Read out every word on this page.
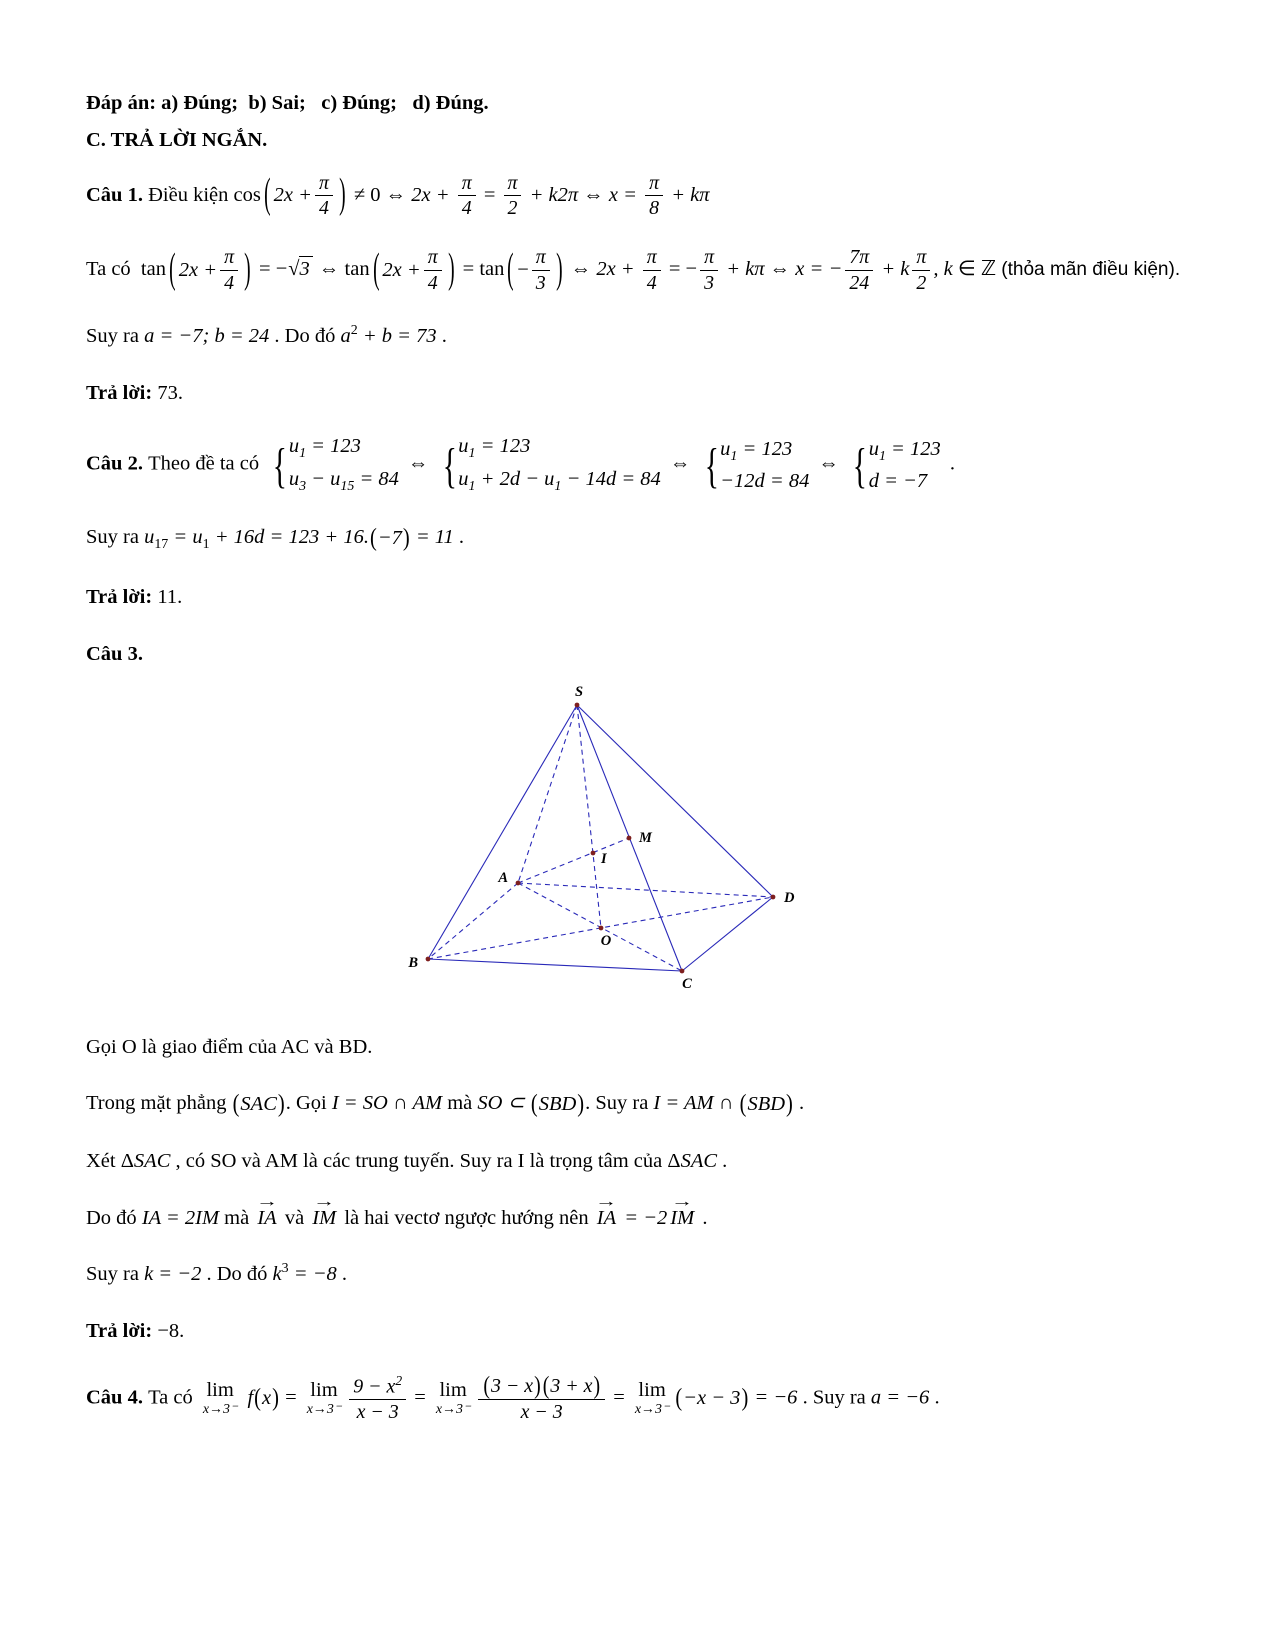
Đáp án: a) Đúng;  b) Sai;   c) Đúng;   d) Đúng.

C. TRẢ LỜI NGẮN.

Câu 1. Điều kiện cos ( $2x + \frac{\pi}{4}$ ) ≠ 0 ⇔ $2x + \frac{\pi}{4} = \frac{\pi}{2} + k2\pi$ ⇔ $x = \frac{\pi}{8} + k\pi$

Ta có  tan ( $2x + \frac{\pi}{4}$ ) = − √ 3 ⇔ tan ( $2x + \frac{\pi}{4}$ ) = tan ( − $\frac{\pi}{3}$ ) ⇔ $2x + \frac{\pi}{4}$ = − $\frac{\pi}{3} + k\pi$ ⇔ x = − $\frac{7\pi}{24} + k \frac{\pi}{2}$ , k ∈ ℤ (thỏa mãn điều kiện).

Suy ra a = −7; b = 24 . Do đó $a^2 + b = 73$ .

Trả lời: 73.

Câu 2. Theo đề ta có { $u_1 = 123$
$u_3 - u_{15} = 84$
⇔ { $u_1 = 123$
$u_1 + 2d - u_1 - 14d = 84$
⇔ { $u_1 = 123$
−12d = 84
⇔ { $u_1 = 123$
d = −7
.

Suy ra $u_{17} = u_1 + 16d = 123 + 16$. ( −7 ) = 11 .

Trả lời: 11.

Câu 3.

S
M
I
A
D
O
B
C

Gọi O là giao điểm của AC và BD.

Trong mặt phẳng ( SAC ) . Gọi I = SO ∩ AM mà SO ⊂ ( SBD ) . Suy ra I = AM ∩ ( SBD ) .

Xét ΔSAC , có SO và AM là các trung tuyến. Suy ra I là trọng tâm của ΔSAC .

Do đó IA = 2IM mà
→
IA và
→
IM là hai vectơ ngược hướng nên
→
IA = −2
→
IM .

Suy ra k = −2 . Do đó $k^3 = -8$ .

Trả lời: −8.

Câu 4. Ta có lim
x→3⁻
f ( x ) = lim
$x\to 3^- \frac{9 - x^2}{x - 3} = \lim$
$x\to 3^- \frac{( 3 - x ) ( 3 + x )}{x - 3} = \lim$
x→3⁻ ( −x − 3 ) = −6 . Suy ra a = −6 .
